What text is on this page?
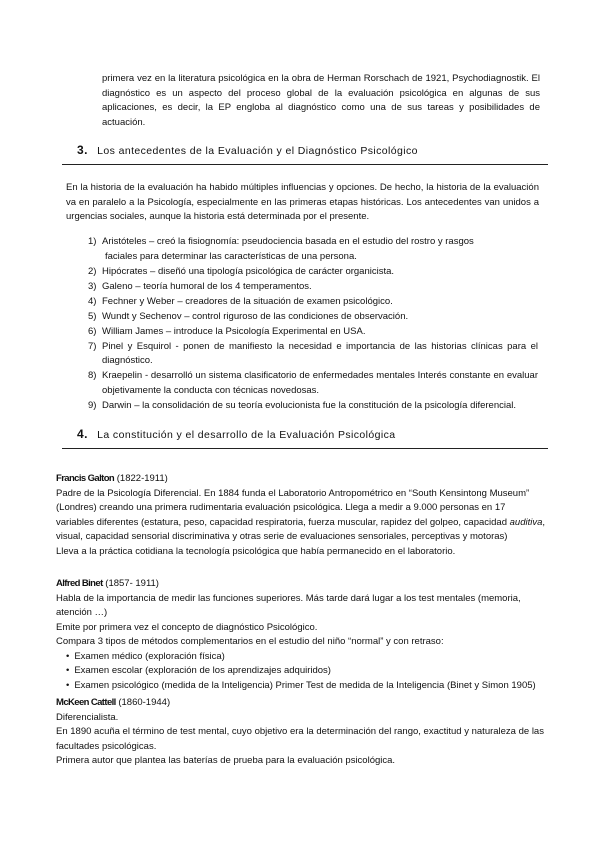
primera vez en la literatura psicológica en la obra de Herman Rorschach de 1921, Psychodiagnostik. El diagnóstico es un aspecto del proceso global de la evaluación psicológica en algunas de sus aplicaciones, es decir, la EP engloba al diagnóstico como una de sus tareas y posibilidades de actuación.
3. Los antecedentes de la Evaluación y el Diagnóstico Psicológico
En la historia de la evaluación ha habido múltiples influencias y opciones. De hecho, la historia de la evaluación va en paralelo a la Psicología, especialmente en las primeras etapas históricas. Los antecedentes van unidos a urgencias sociales, aunque la historia está determinada por el presente.
1) Aristóteles – creó la fisiognomía: pseudociencia basada en el estudio del rostro y rasgos
faciales para determinar las características de una persona.
2) Hipócrates – diseñó una tipología psicológica de carácter organicista.
3) Galeno – teoría humoral de los 4 temperamentos.
4) Fechner y Weber – creadores de la situación de examen psicológico.
5) Wundt y Sechenov – control riguroso de las condiciones de observación.
6) William James – introduce la Psicología Experimental en USA.
7) Pinel y Esquirol - ponen de manifiesto la necesidad e importancia de las historias clínicas para el diagnóstico.
8) Kraepelin - desarrolló un sistema clasificatorio de enfermedades mentales Interés constante en evaluar objetivamente la conducta con técnicas novedosas.
9) Darwin – la consolidación de su teoría evolucionista fue la constitución de la psicología diferencial.
4. La constitución y el desarrollo de la Evaluación Psicológica

Francis Galton (1822-1911)

Padre de la Psicología Diferencial. En 1884 funda el Laboratorio Antropométrico en “South Kensintong Museum” (Londres) creando una primera rudimentaria evaluación psicológica. Llega a medir a 9.000 personas en 17 variables diferentes (estatura, peso, capacidad respiratoria, fuerza muscular, rapidez del golpeo, capacidad auditiva, visual, capacidad sensorial discriminativa y otras serie de evaluaciones sensoriales, perceptivas y motoras)

Lleva a la práctica cotidiana la tecnología psicológica que había permanecido en el laboratorio.

Alfred Binet (1857- 1911)

Habla de la importancia de medir las funciones superiores. Más tarde dará lugar a los test mentales (memoria, atención …)

Emite por primera vez el concepto de diagnóstico Psicológico.

Compara 3 tipos de métodos complementarios en el estudio del niño “normal” y con retraso:

• Examen médico (exploración física)
• Examen escolar (exploración de los aprendizajes adquiridos)
• Examen psicológico (medida de la Inteligencia) Primer Test de medida de la Inteligencia (Binet y Simon 1905)

McKeen Cattell (1860-1944)

Diferencialista.

En 1890 acuña el término de test mental, cuyo objetivo era la determinación del rango, exactitud y naturaleza de las facultades psicológicas.

Primera autor que plantea las baterías de prueba para la evaluación psicológica.
